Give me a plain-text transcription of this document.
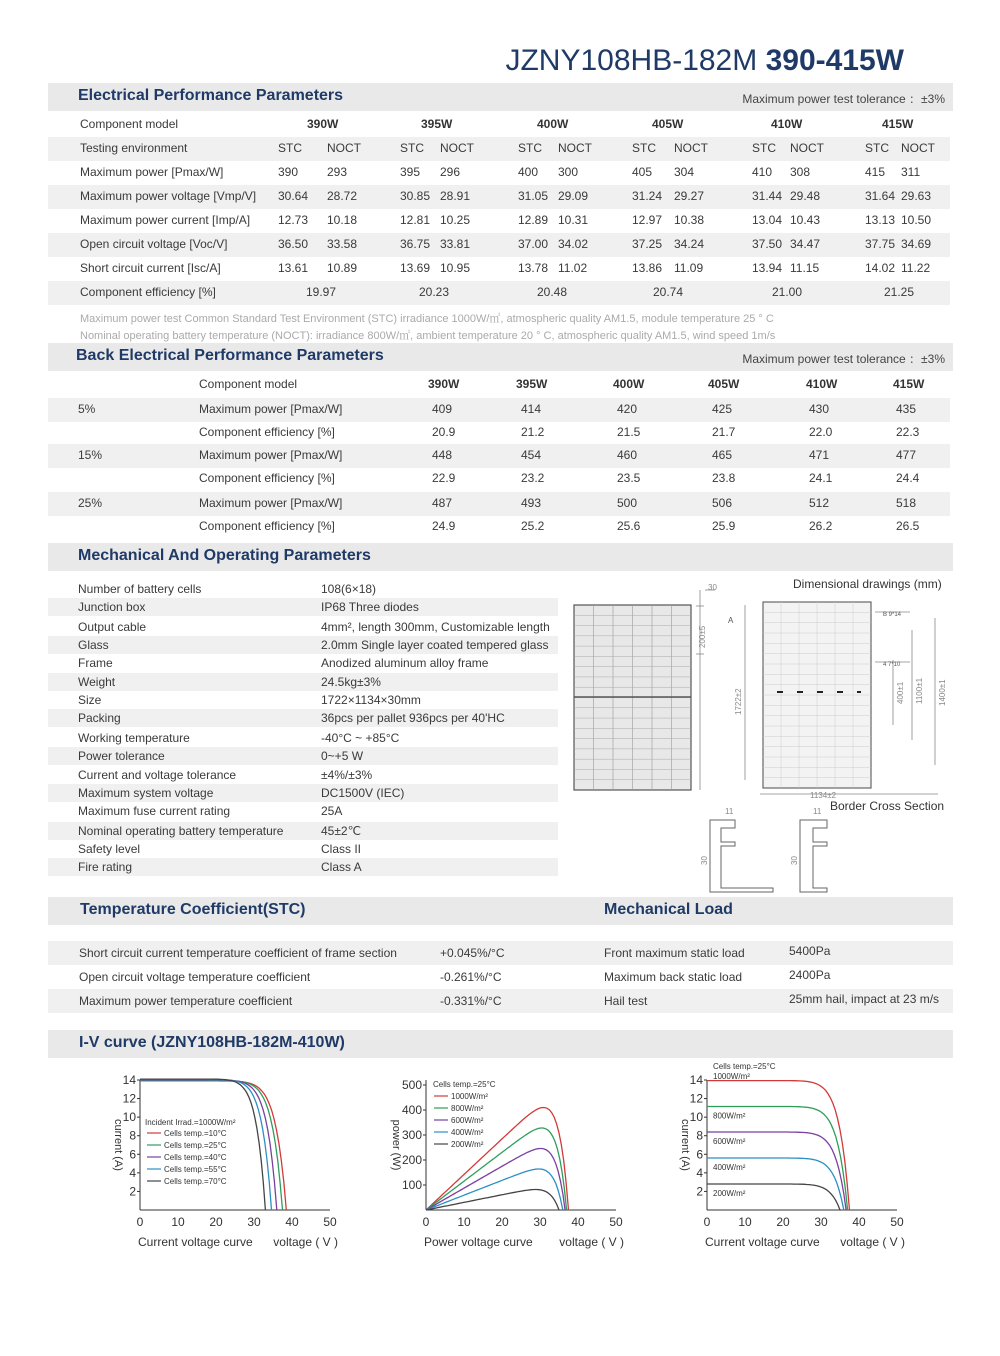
JZNY108HB-182M 390-415W
Electrical Performance Parameters	Maximum power test tolerance ：±3%
Component model	390W	395W	400W	405W	410W	415W
Testing environment	STC NOCT	STC NOCT	STC NOCT	STC NOCT	STC NOCT	STC NOCT
Maximum power [Pmax/W]	390 293	395 296	400 300	405 304	410 308	415 311
Maximum power voltage [Vmp/V] 30.64 28.72	30.85 28.91	31.05 29.09	31.24 29.27	31.44 29.48	31.64 29.63
Maximum power current [Imp/A] 12.73 10.18	12.81 10.25	12.89 10.31	12.97 10.38	13.04 10.43	13.13 10.50
Open circuit voltage [Voc/V]	36.50 33.58	36.75 33.81	37.00 34.02	37.25 34.24	37.50 34.47	37.75 34.69
Short circuit current [Isc/A]	13.61 10.89	13.69 10.95	13.78 11.02	13.86 11.09	13.94 11.15	14.02 11.22
Component efficiency [%]	19.97	20.23	20.48	20.74	21.00	21.25
Maximum power test Common Standard Test Environment (STC) irradiance 1000W/㎡, atmospheric quality AM1.5, module temperature 25 ° C
Nominal operating battery temperature (NOCT): irradiance 800W/㎡, ambient temperature 20 ° C, atmospheric quality AM1.5, wind speed 1m/s
Back Electrical Performance Parameters	Maximum power test tolerance ：±3%
Component model	390W	395W	400W	405W	410W	415W
5%	Maximum power [Pmax/W]	409	414	420	425	430	435
Component efficiency [%]	20.9	21.2	21.5	21.7	22.0	22.3
15%	Maximum power [Pmax/W]	448	454	460	465	471	477
Component efficiency [%]	22.9	23.2	23.5	23.8	24.1	24.4
25%	Maximum power [Pmax/W]	487	493	500	506	512	518
Component efficiency [%]	24.9	25.2	25.6	25.9	26.2	26.5
Mechanical And Operating Parameters
Number of battery cells	108(6×18)
Junction box	IP68 Three diodes
Output cable	4mm², length 300mm, Customizable length
Glass	2.0mm Single layer coated tempered glass
Frame	Anodized aluminum alloy frame
Weight	24.5kg±3%
Size	1722×1134×30mm
Packing	36pcs per pallet 936pcs per 40'HC
Working temperature	-40°C ~ +85°C
Power tolerance	0~+5 W
Current and voltage tolerance	±4%/±3%
Maximum system voltage	DC1500V (IEC)
Maximum fuse current rating	25A
Nominal operating battery temperature	45±2℃
Safety level	Class II
Fire rating	Class A
Dimensional drawings (mm)
30
200±5
A
1722±2
1134±2
400±1 1100±1 1400±1
B 9*14
4 7*10
11	11
30	30
Border Cross Section
Temperature Coefficient(STC)	Mechanical Load
Short circuit current temperature coefficient of frame section	+0.045%/°C	Front maximum static load	5400Pa
Open circuit voltage temperature coefficient	-0.261%/°C	Maximum back static load	2400Pa
Maximum power temperature coefficient	-0.331%/°C	Hail test	25mm hail, impact at 23 m/s
I-V curve (JZNY108HB-182M-410W)
0 10 20 30 40 50
2
4
6
8
10
12
14
current (A)
Current voltage curve voltage ( V )
Incident Irrad.=1000W/m²
Cells temp.=10°C
Cells temp.=25°C
Cells temp.=40°C
Cells temp.=55°C
Cells temp.=70°C
0 10 20 30 40 50
100
200
300
400
500
power (W)
Power voltage curve voltage ( V )
Cells temp.=25°C
1000W/m²
800W/m²
600W/m²
400W/m²
200W/m²
0 10 20 30 40 50
2
4
6
8
10
12
14
current (A)
Current voltage curve voltage ( V )
Cells temp.=25°C
1000W/m²
800W/m²
600W/m²
400W/m²
200W/m²
